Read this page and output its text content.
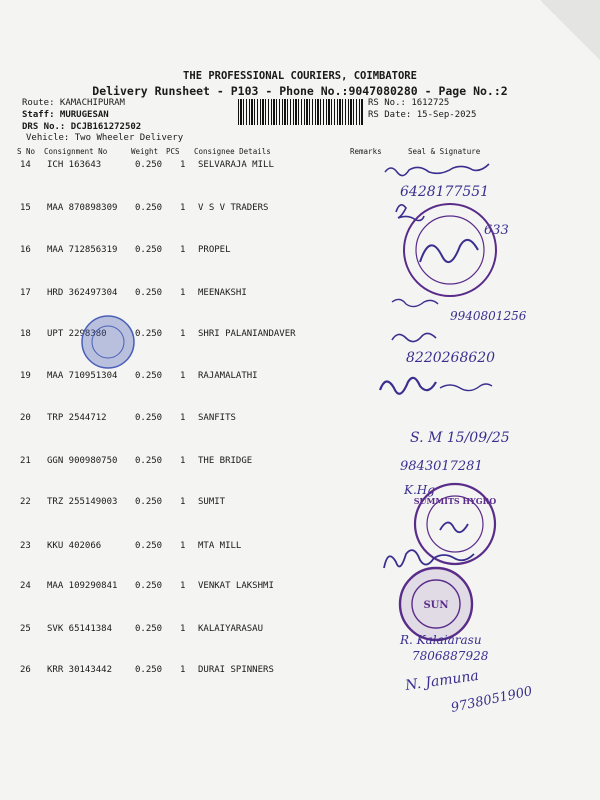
THE PROFESSIONAL COURIERS, COIMBATORE
Delivery Runsheet - P103 - Phone No.:9047080280 - Page No.:2
Route: KAMACHIPURAM
Staff: MURUGESAN
DRS No.: DCJB161272502
Vehicle: Two Wheeler Delivery
RS No.: 1612725
RS Date: 15-Sep-2025
S No Consignment No	Weight PCS Consignee Details	Remarks	Seal & Signature
14 ICH 163643	0.250 1 SELVARAJA MILL
15 MAA 870898309 0.250 1 V S V TRADERS
16 MAA 712856319 0.250 1 PROPEL
17 HRD 362497304 0.250 1 MEENAKSHI
18 UPT 2298380	0.250 1 SHRI PALANIANDAVER
19 MAA 710951304 0.250 1 RAJAMALATHI
20 TRP 2544712	0.250 1 SANFITS
21 GGN 900980750 0.250 1 THE BRIDGE
22 TRZ 255149003 0.250 1 SUMIT
23 KKU 402066	0.250 1 MTA MILL
24 MAA 109290841 0.250 1 VENKAT LAKSHMI
25 SVK 65141384	0.250 1 KALAIYARASAU
26 KRR 30143442	0.250 1 DURAI SPINNERS
6428177551
633
9940801256
8220268620
S. M 15/09/25
9843017281
K.Hg
SUMMITS HYGRO
SUN
R. Kalaiarasu
7806887928
N. Jamuna
9738051900
